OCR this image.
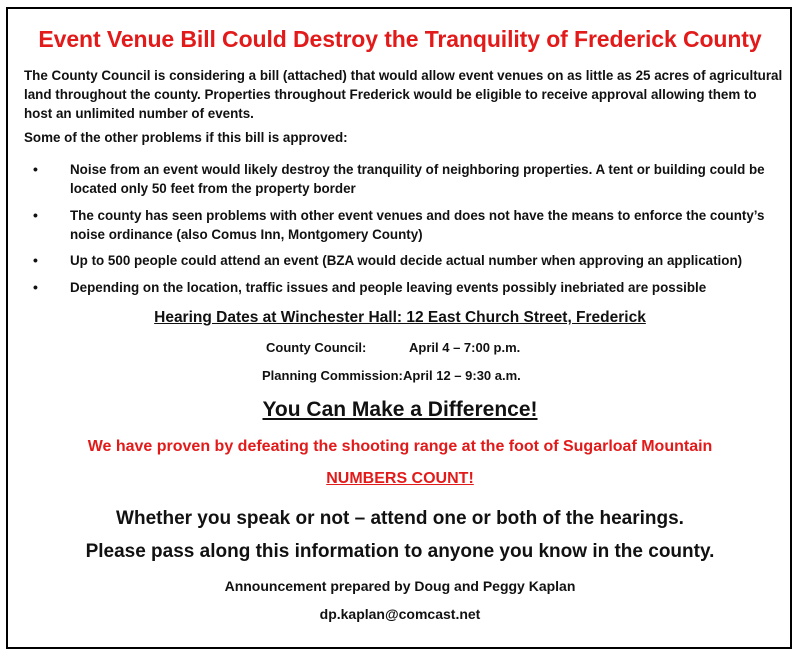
Event Venue Bill Could Destroy the Tranquility of Frederick County

The County Council is considering a bill (attached) that would allow event venues on as little as 25 acres of agricultural land throughout the county. Properties throughout Frederick would be eligible to receive approval allowing them to host an unlimited number of events.

Some of the other problems if this bill is approved:

• Noise from an event would likely destroy the tranquility of neighboring properties. A tent or building could be located only 50 feet from the property border
• The county has seen problems with other event venues and does not have the means to enforce the county’s noise ordinance (also Comus Inn, Montgomery County)
• Up to 500 people could attend an event (BZA would decide actual number when approving an application)
• Depending on the location, traffic issues and people leaving events possibly inebriated are possible
Hearing Dates at Winchester Hall: 12 East Church Street, Frederick
County Council:	April 4 – 7:00 p.m.
Planning Commission: April 12 – 9:30 a.m.
You Can Make a Difference!
We have proven by defeating the shooting range at the foot of Sugarloaf Mountain
NUMBERS COUNT!
Whether you speak or not – attend one or both of the hearings.
Please pass along this information to anyone you know in the county.
Announcement prepared by Doug and Peggy Kaplan
dp.kaplan@comcast.net
